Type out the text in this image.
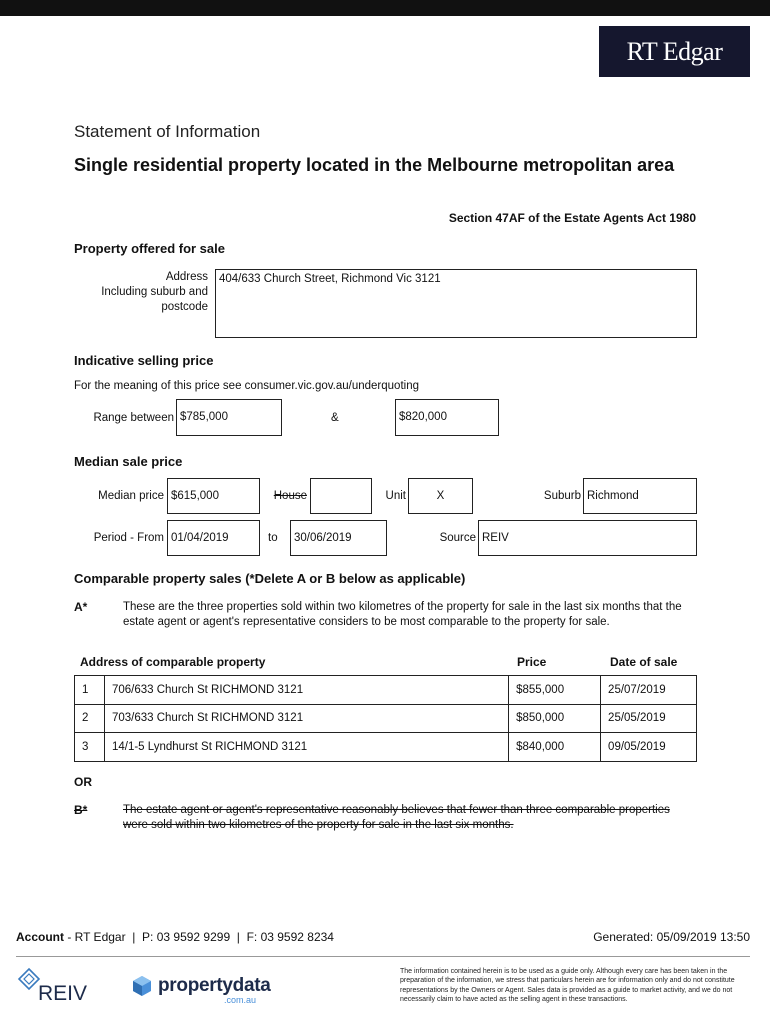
RT Edgar
Statement of Information
Single residential property located in the Melbourne metropolitan area
Section 47AF of the Estate Agents Act 1980
Property offered for sale
Address
Including suburb and
postcode
404/633 Church Street, Richmond Vic 3121
Indicative selling price
For the meaning of this price see consumer.vic.gov.au/underquoting
Range between $785,000	&	$820,000
Median sale price
Median price $615,000	House	Unit	X	Suburb Richmond
Period - From 01/04/2019	to	30/06/2019	Source REIV
Comparable property sales (*Delete A or B below as applicable)
A*	These are the three properties sold within two kilometres of the property for sale in the last six months that the estate agent or agent's representative considers to be most comparable to the property for sale.
Address of comparable property	Price	Date of sale
1	706/633 Church St RICHMOND 3121	$855,000	25/07/2019
2	703/633 Church St RICHMOND 3121	$850,000	25/05/2019
3	14/1-5 Lyndhurst St RICHMOND 3121	$840,000	09/05/2019
OR
B*	The estate agent or agent's representative reasonably believes that fewer than three comparable properties were sold within two kilometres of the property for sale in the last six months.
Account - RT Edgar  |  P: 03 9592 9299  |  F: 03 9592 8234	Generated: 05/09/2019 13:50
REIV	propertydata
.com.au
The information contained herein is to be used as a guide only. Although every care has been taken in the preparation of the information, we stress that particulars herein are for information only and do not constitute representations by the Owners or Agent. Sales data is provided as a guide to market activity, and we do not necessarily claim to have acted as the selling agent in these transactions.
